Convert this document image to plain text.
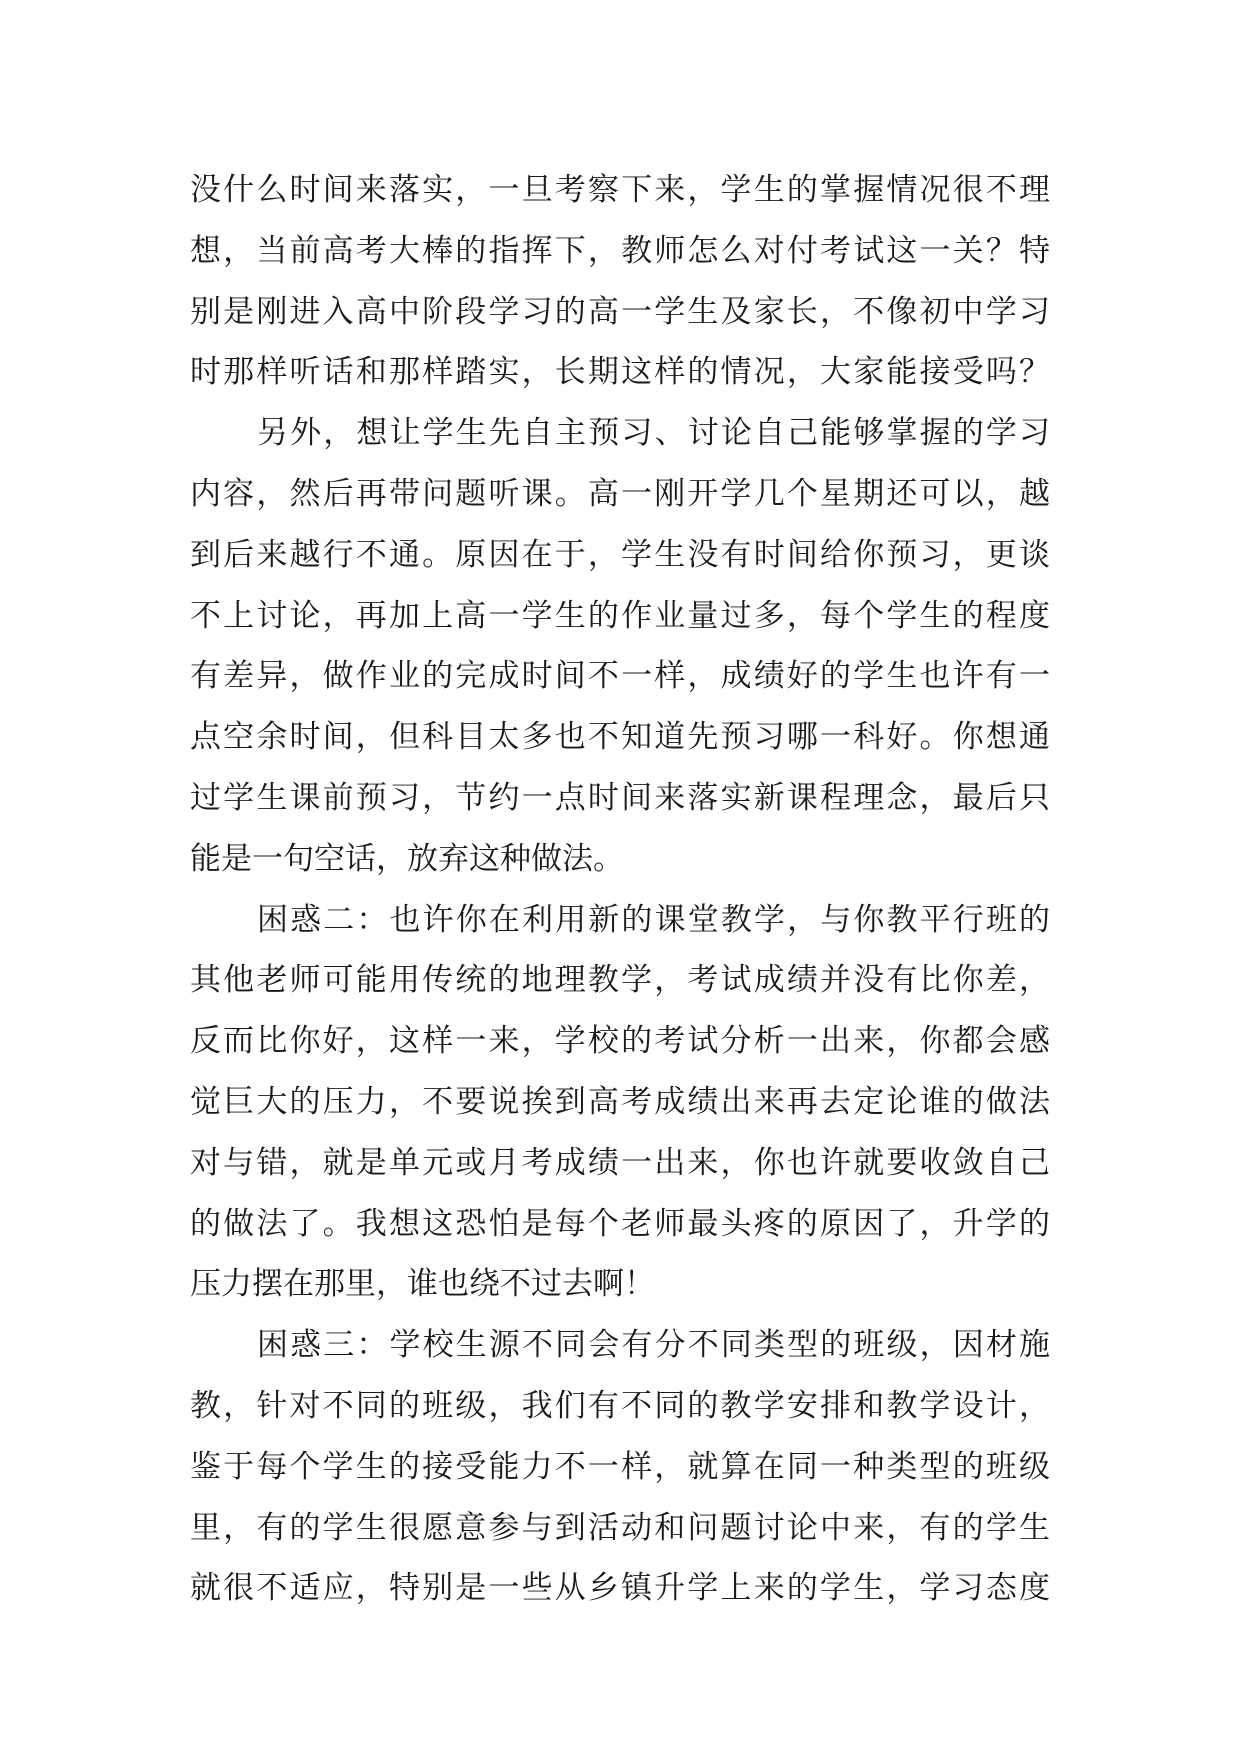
没什么时间来落实，一旦考察下来，学生的掌握情况很不理
想，当前高考大棒的指挥下，教师怎么对付考试这一关？特
别是刚进入高中阶段学习的高一学生及家长，不像初中学习
时那样听话和那样踏实，长期这样的情况，大家能接受吗？
另外，想让学生先自主预习、讨论自己能够掌握的学习
内容，然后再带问题听课。高一刚开学几个星期还可以，越
到后来越行不通。原因在于，学生没有时间给你预习，更谈
不上讨论，再加上高一学生的作业量过多，每个学生的程度
有差异，做作业的完成时间不一样，成绩好的学生也许有一
点空余时间，但科目太多也不知道先预习哪一科好。你想通
过学生课前预习，节约一点时间来落实新课程理念，最后只
能是一句空话，放弃这种做法。
困惑二：也许你在利用新的课堂教学，与你教平行班的
其他老师可能用传统的地理教学，考试成绩并没有比你差，
反而比你好，这样一来，学校的考试分析一出来，你都会感
觉巨大的压力，不要说挨到高考成绩出来再去定论谁的做法
对与错，就是单元或月考成绩一出来，你也许就要收敛自己
的做法了。我想这恐怕是每个老师最头疼的原因了，升学的
压力摆在那里，谁也绕不过去啊！
困惑三：学校生源不同会有分不同类型的班级，因材施
教，针对不同的班级，我们有不同的教学安排和教学设计，
鉴于每个学生的接受能力不一样，就算在同一种类型的班级
里，有的学生很愿意参与到活动和问题讨论中来，有的学生
就很不适应，特别是一些从乡镇升学上来的学生，学习态度
